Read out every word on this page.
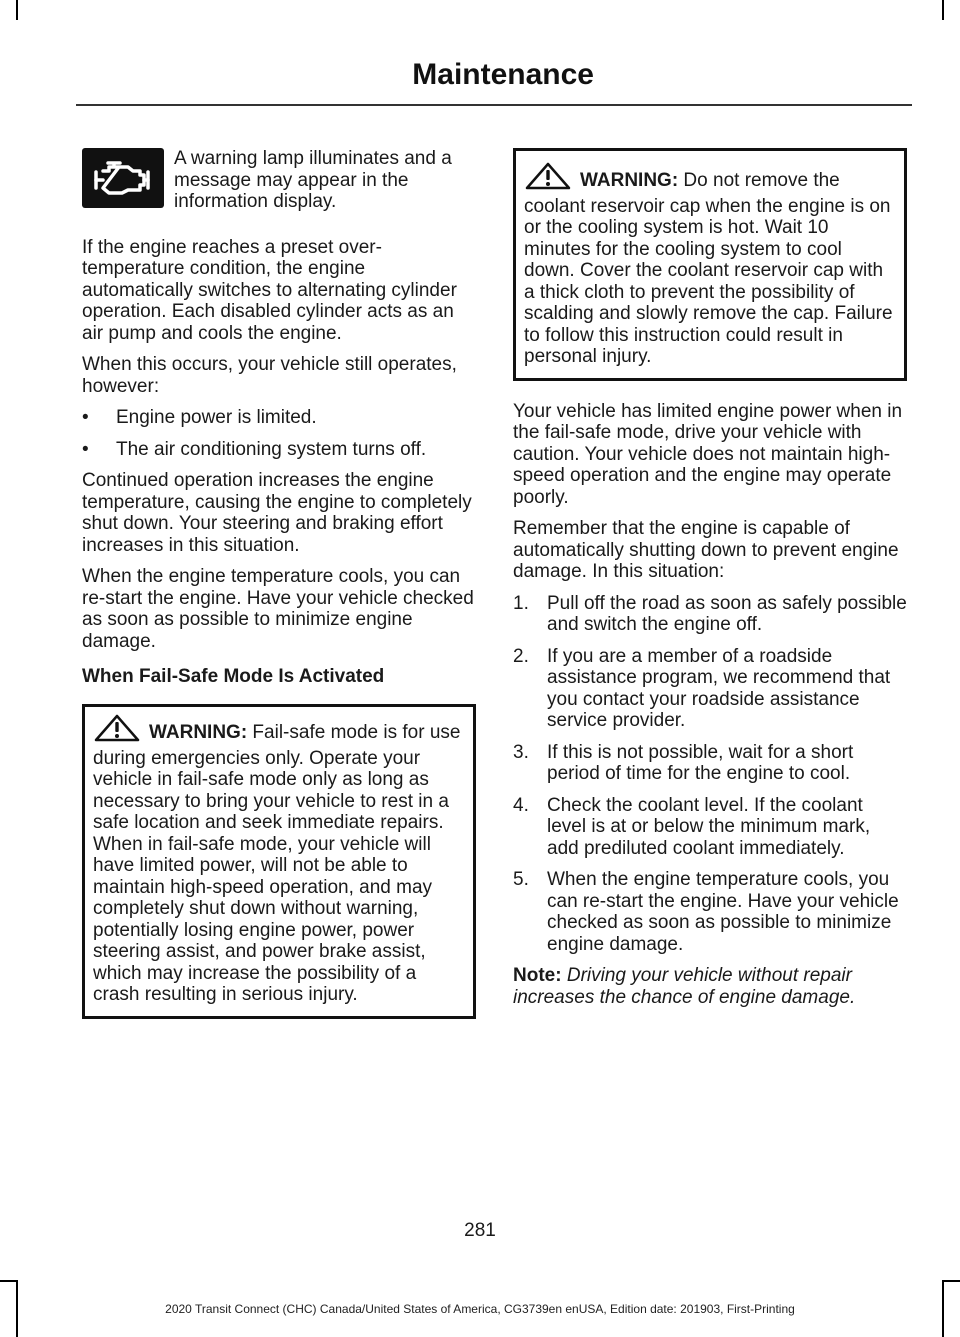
Maintenance

A warning lamp illuminates and a message may appear in the information display.

If the engine reaches a preset over-temperature condition, the engine automatically switches to alternating cylinder operation. Each disabled cylinder acts as an air pump and cools the engine.

When this occurs, your vehicle still operates, however:

•	Engine power is limited.
•	The air conditioning system turns off.

Continued operation increases the engine temperature, causing the engine to completely shut down. Your steering and braking effort increases in this situation.

When the engine temperature cools, you can re-start the engine. Have your vehicle checked as soon as possible to minimize engine damage.

When Fail-Safe Mode Is Activated
WARNING: Fail-safe mode is for use during emergencies only. Operate your vehicle in fail-safe mode only as long as necessary to bring your vehicle to rest in a safe location and seek immediate repairs. When in fail-safe mode, your vehicle will have limited power, will not be able to maintain high-speed operation, and may completely shut down without warning, potentially losing engine power, power steering assist, and power brake assist, which may increase the possibility of a crash resulting in serious injury.
WARNING: Do not remove the coolant reservoir cap when the engine is on or the cooling system is hot. Wait 10 minutes for the cooling system to cool down. Cover the coolant reservoir cap with a thick cloth to prevent the possibility of scalding and slowly remove the cap. Failure to follow this instruction could result in personal injury.

Your vehicle has limited engine power when in the fail-safe mode, drive your vehicle with caution. Your vehicle does not maintain high-speed operation and the engine may operate poorly.

Remember that the engine is capable of automatically shutting down to prevent engine damage. In this situation:

1. Pull off the road as soon as safely possible and switch the engine off.
2. If you are a member of a roadside assistance program, we recommend that you contact your roadside assistance service provider.
3. If this is not possible, wait for a short period of time for the engine to cool.
4. Check the coolant level. If the coolant level is at or below the minimum mark, add prediluted coolant immediately.
5. When the engine temperature cools, you can re-start the engine. Have your vehicle checked as soon as possible to minimize engine damage.

Note: Driving your vehicle without repair increases the chance of engine damage.

281
2020 Transit Connect (CHC) Canada/United States of America, CG3739en enUSA, Edition date: 201903, First-Printing
